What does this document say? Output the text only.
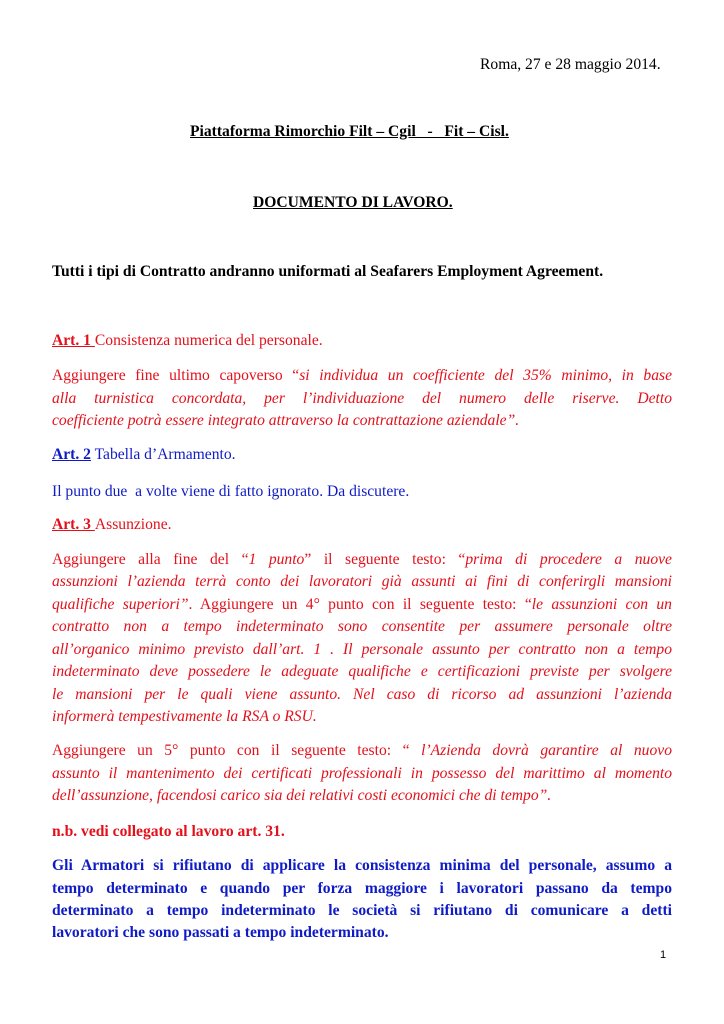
Roma, 27 e 28 maggio 2014.
Piattaforma Rimorchio Filt – Cgil   -   Fit – Cisl.
DOCUMENTO DI LAVORO.
Tutti i tipi di Contratto andranno uniformati al Seafarers Employment Agreement.
Art. 1 Consistenza numerica del personale.
Aggiungere fine ultimo capoverso “si individua un coefficiente del 35% minimo, in base
alla turnistica concordata, per l’individuazione del numero delle riserve. Detto
coefficiente potrà essere integrato attraverso la contrattazione aziendale”.
Art. 2 Tabella d’Armamento.
Il punto due  a volte viene di fatto ignorato. Da discutere.
Art. 3 Assunzione.
Aggiungere alla fine del “1 punto” il seguente testo: “prima di procedere a nuove
assunzioni l’azienda terrà conto dei lavoratori già assunti ai fini di conferirgli mansioni
qualifiche superiori”. Aggiungere un 4° punto con il seguente testo: “le assunzioni con un
contratto non a tempo indeterminato sono consentite per assumere personale oltre
all’organico minimo previsto dall’art. 1 . Il personale assunto per contratto non a tempo
indeterminato deve possedere le adeguate qualifiche e certificazioni previste per svolgere
le mansioni per le quali viene assunto. Nel caso di ricorso ad assunzioni l’azienda
informerà tempestivamente la RSA o RSU.
Aggiungere un 5° punto con il seguente testo: “ l’Azienda dovrà garantire al nuovo
assunto il mantenimento dei certificati professionali in possesso del marittimo al momento
dell’assunzione, facendosi carico sia dei relativi costi economici che di tempo”.
n.b. vedi collegato al lavoro art. 31.
Gli Armatori si rifiutano di applicare la consistenza minima del personale, assumo a
tempo determinato e quando per forza maggiore i lavoratori passano da tempo
determinato a tempo indeterminato le società si rifiutano di comunicare a detti
lavoratori che sono passati a tempo indeterminato.
1
